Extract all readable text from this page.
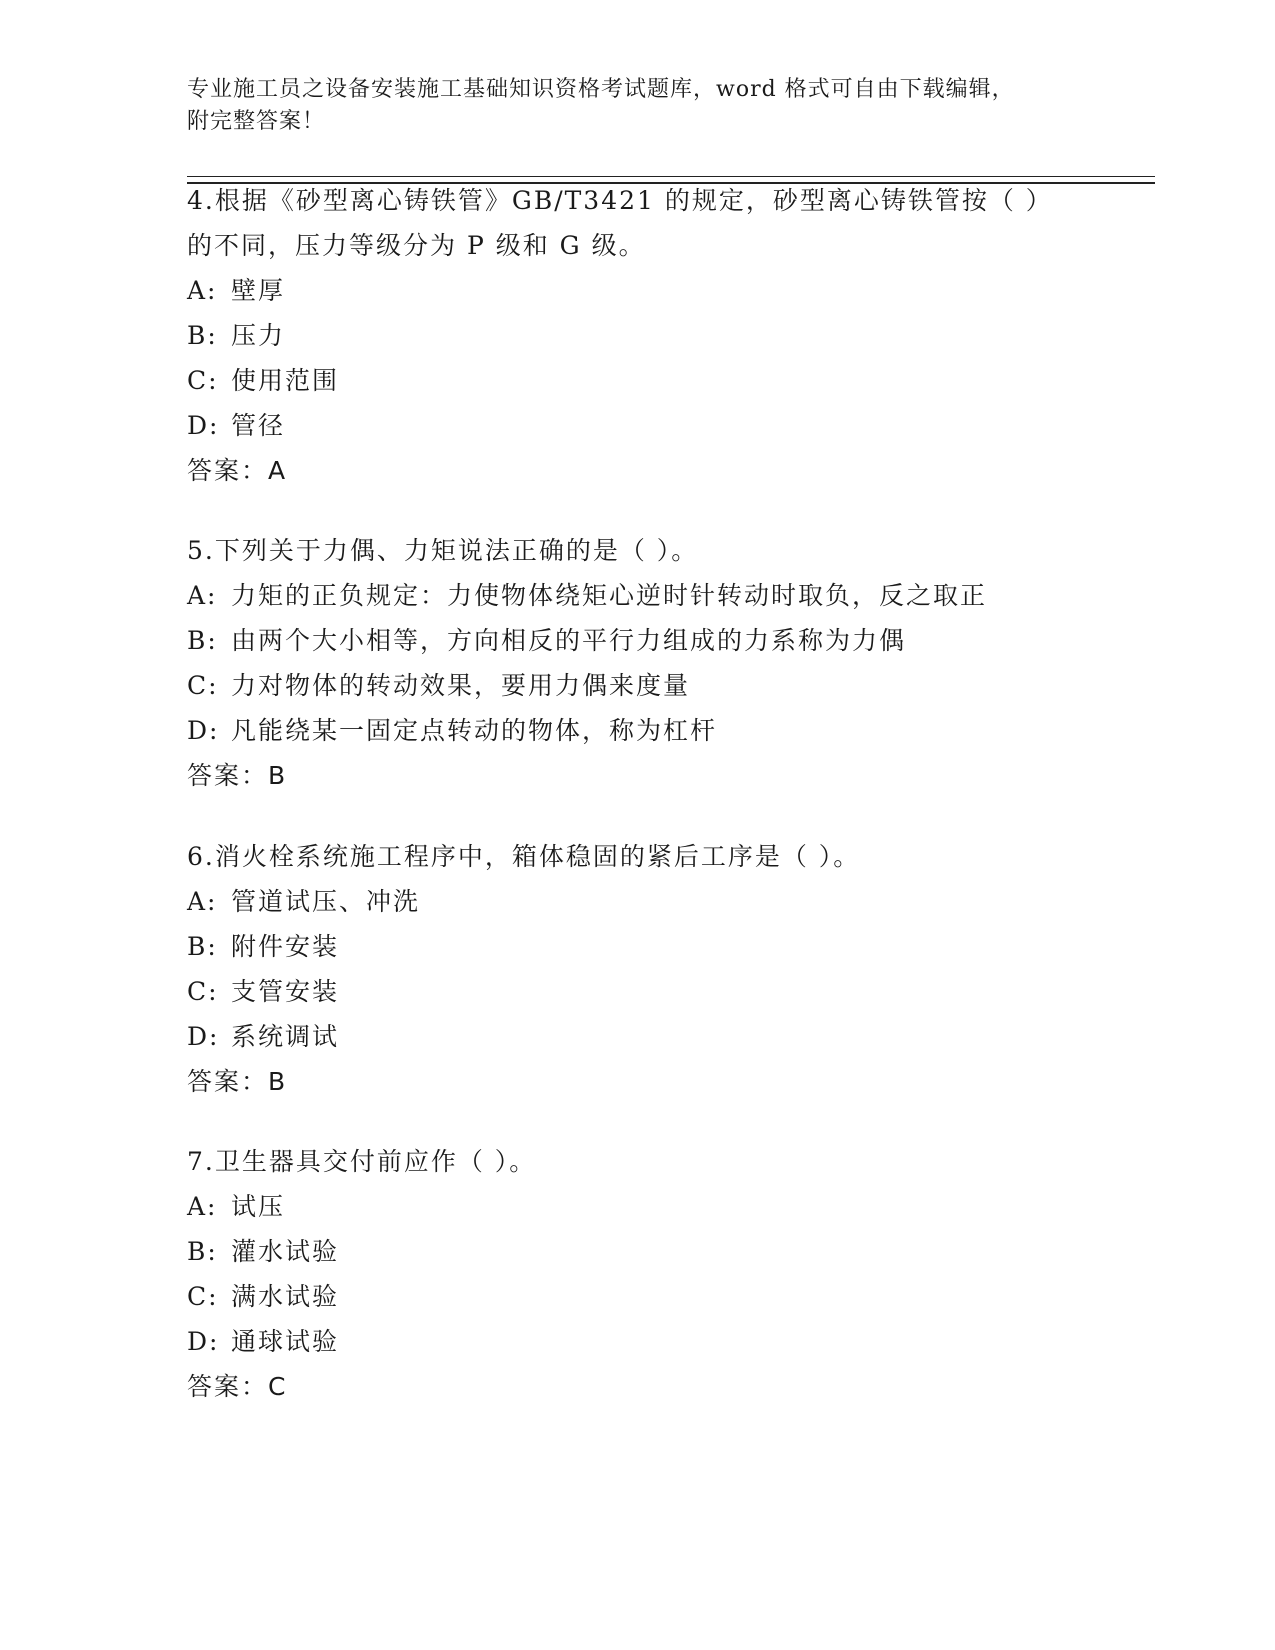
专业施工员之设备安装施工基础知识资格考试题库，word 格式可自由下载编辑，
附完整答案！
4.根据《砂型离心铸铁管》GB/T3421 的规定，砂型离心铸铁管按（ ）
的不同，压力等级分为 P 级和 G 级。
A: 壁厚
B: 压力
C: 使用范围
D: 管径
答案： A
5.下列关于力偶、力矩说法正确的是（ ）。
A: 力矩的正负规定：力使物体绕矩心逆时针转动时取负，反之取正
B: 由两个大小相等，方向相反的平行力组成的力系称为力偶
C: 力对物体的转动效果，要用力偶来度量
D: 凡能绕某一固定点转动的物体，称为杠杆
答案： B
6.消火栓系统施工程序中，箱体稳固的紧后工序是（ ）。
A: 管道试压、冲洗
B: 附件安装
C: 支管安装
D: 系统调试
答案： B
7.卫生器具交付前应作（ ）。
A: 试压
B: 灌水试验
C: 满水试验
D: 通球试验
答案： C
